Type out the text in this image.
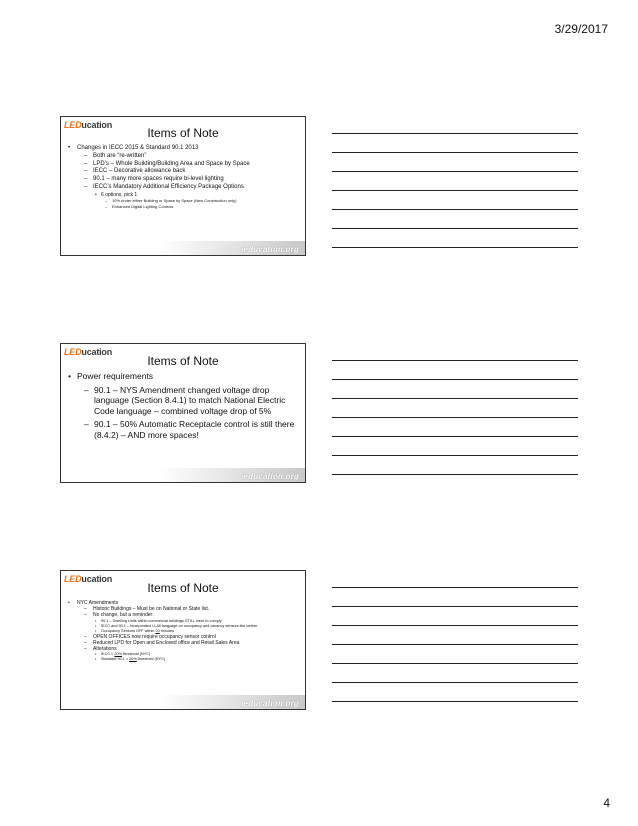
3/29/2017
LEDucation
Items of Note
• Changes in IECC 2015 & Standard 90.1 2013
– Both are “re-written”
– LPD’s – Whole Building/Building Area and Space by Space
– IECC – Decorative allowance back
– 90.1 – many more spaces require bi-level lighting
– IECC’s Mandatory Additional Efficiency Package Options
• 6 options, pick 1
– 10% under either Building or Space by Space (New Construction only)
– Enhanced Digital Lighting Controls
ieducation.org
LEDucation
Items of Note
• Power requirements
– 90.1 – NYS Amendment changed voltage drop language (Section 8.4.1) to match National Electric Code language – combined voltage drop of 5%
– 90.1 – 50% Automatic Receptacle control is still there (8.4.2) – AND more spaces!
ieducation.org
LEDucation
Items of Note
• NYC Amendments
– Historic Buildings – Must be on National or State list.
– No change, but a reminder:
• 90.1 – Dwelling Units within commercial buildings STILL have to comply
• IECC and 90.1 – incorporated LL48 language on occupancy and vacancy sensors like before.
• Occupancy Sensors OFF within 20 minutes
– OPEN OFFICES now require occupancy sensor control
– Reduced LPD for Open and Enclosed office and Retail Sales Area
– Alterations
• IECC = 20% threshold (NYC)
• Standard 90.1 = 20% threshold (NYC)
ieducation.org
4
